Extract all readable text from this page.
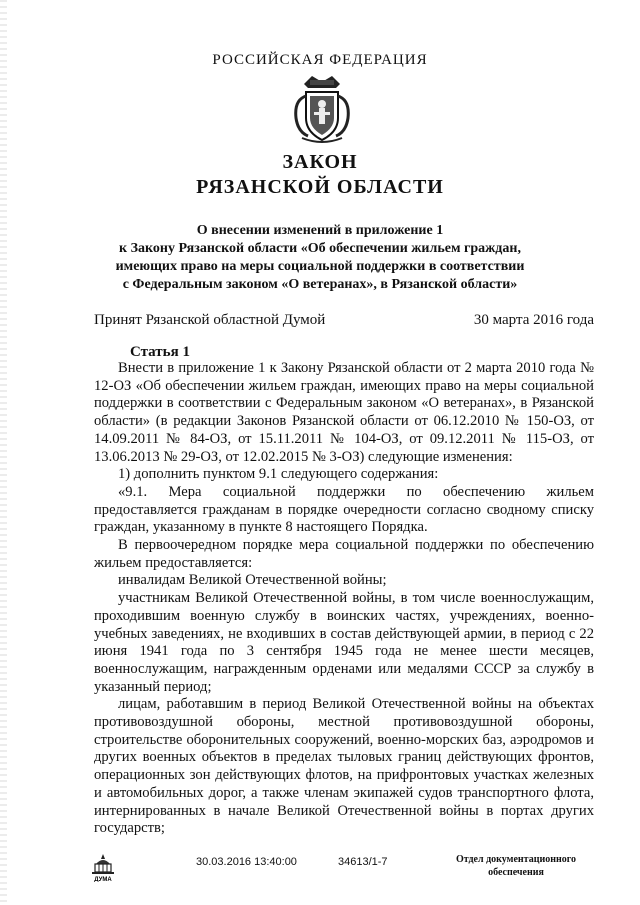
РОССИЙСКАЯ ФЕДЕРАЦИЯ
ЗАКОН
РЯЗАНСКОЙ ОБЛАСТИ
О внесении изменений в приложение 1
к Закону Рязанской области «Об обеспечении жильем граждан,
имеющих право на меры социальной поддержки в соответствии
с Федеральным законом «О ветеранах», в Рязанской области»
Принят Рязанской областной Думой	30 марта 2016 года
Статья 1

Внести в приложение 1 к Закону Рязанской области от 2 марта 2010 года № 12-ОЗ «Об обеспечении жильем граждан, имеющих право на меры социальной поддержки в соответствии с Федеральным законом «О ветеранах», в Рязанской области» (в редакции Законов Рязанской области от 06.12.2010 № 150-ОЗ, от 14.09.2011 № 84-ОЗ, от 15.11.2011 № 104-ОЗ, от 09.12.2011 № 115-ОЗ, от 13.06.2013 № 29-ОЗ, от 12.02.2015 № 3-ОЗ) следующие изменения:

1) дополнить пунктом 9.1 следующего содержания:

«9.1. Мера социальной поддержки по обеспечению жильем предоставляется гражданам в порядке очередности согласно сводному списку граждан, указанному в пункте 8 настоящего Порядка.

В первоочередном порядке мера социальной поддержки по обеспечению жильем предоставляется:

инвалидам Великой Отечественной войны;

участникам Великой Отечественной войны, в том числе военнослужащим, проходившим военную службу в воинских частях, учреждениях, военно-учебных заведениях, не входивших в состав действующей армии, в период с 22 июня 1941 года по 3 сентября 1945 года не менее шести месяцев, военнослужащим, награжденным орденами или медалями СССР за службу в указанный период;

лицам, работавшим в период Великой Отечественной войны на объектах противовоздушной обороны, местной противовоздушной обороны, строительстве оборонительных сооружений, военно-морских баз, аэродромов и других военных объектов в пределах тыловых границ действующих фронтов, операционных зон действующих флотов, на прифронтовых участках железных и автомобильных дорог, а также членам экипажей судов транспортного флота, интернированных в начале Великой Отечественной войны в портах других государств;

ДУМА
30.03.2016 13:40:00	34613/1-7	Отдел документационного
обеспечения
